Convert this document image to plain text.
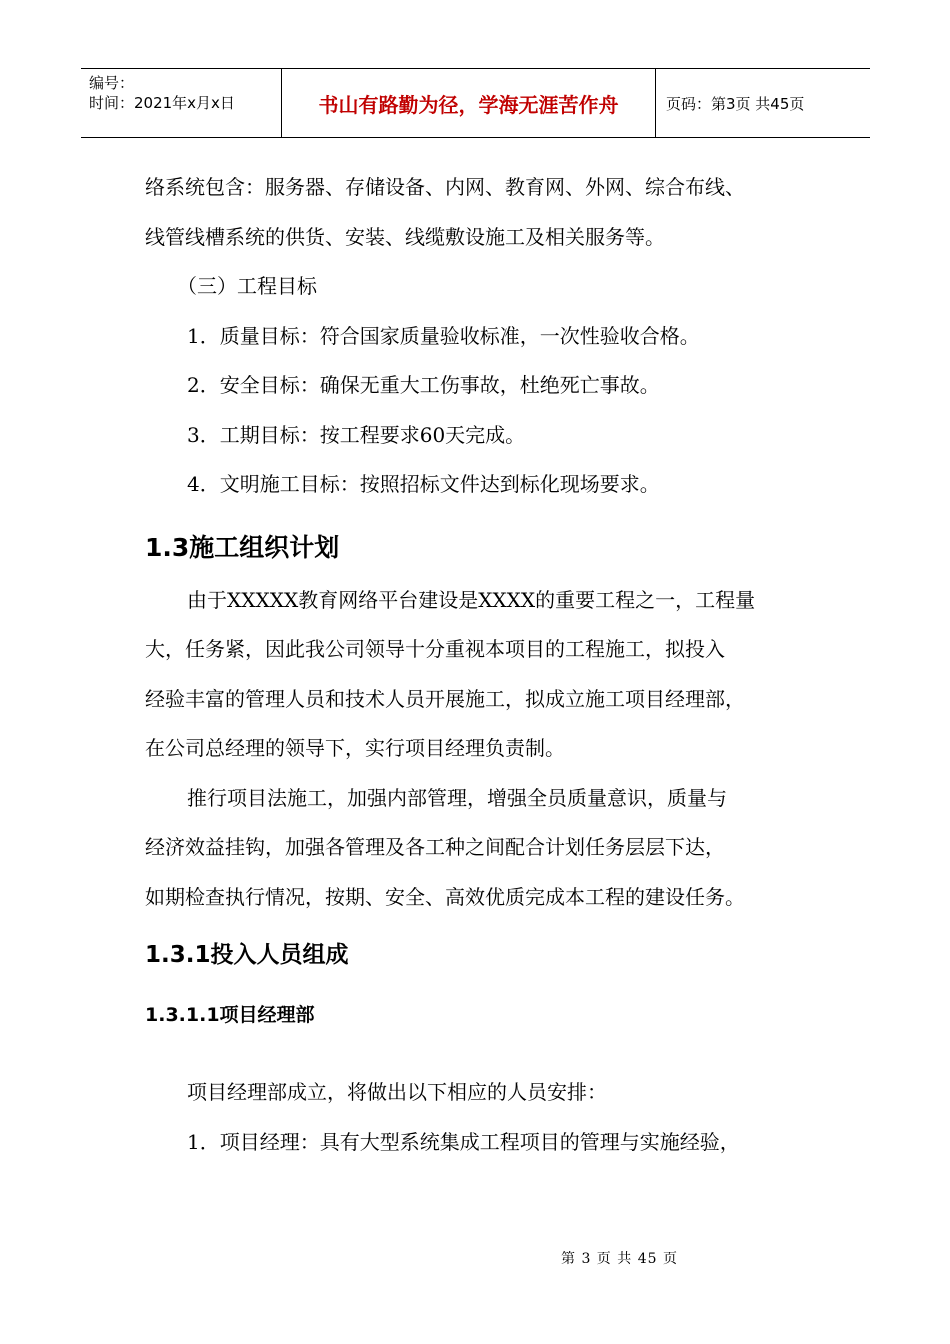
编号：
时间：2021年x月x日	书山有路勤为径，学海无涯苦作舟	页码：第3页 共45页

络系统包含：服务器、存储设备、内网、教育网、外网、综合布线、

线管线槽系统的供货、安装、线缆敷设施工及相关服务等。

（三）工程目标

1．质量目标：符合国家质量验收标准，一次性验收合格。

2．安全目标：确保无重大工伤事故，杜绝死亡事故。

3．工期目标：按工程要求60天完成。

4．文明施工目标：按照招标文件达到标化现场要求。

1.3施工组织计划

由于XXXXX教育网络平台建设是XXXX的重要工程之一，工程量

大，任务紧，因此我公司领导十分重视本项目的工程施工，拟投入

经验丰富的管理人员和技术人员开展施工，拟成立施工项目经理部，

在公司总经理的领导下，实行项目经理负责制。

推行项目法施工，加强内部管理，增强全员质量意识，质量与

经济效益挂钩，加强各管理及各工种之间配合计划任务层层下达，

如期检查执行情况，按期、安全、高效优质完成本工程的建设任务。

1.3.1投入人员组成
1.3.1.1项目经理部

项目经理部成立，将做出以下相应的人员安排：

1．项目经理：具有大型系统集成工程项目的管理与实施经验，

第 3 页 共 45 页
